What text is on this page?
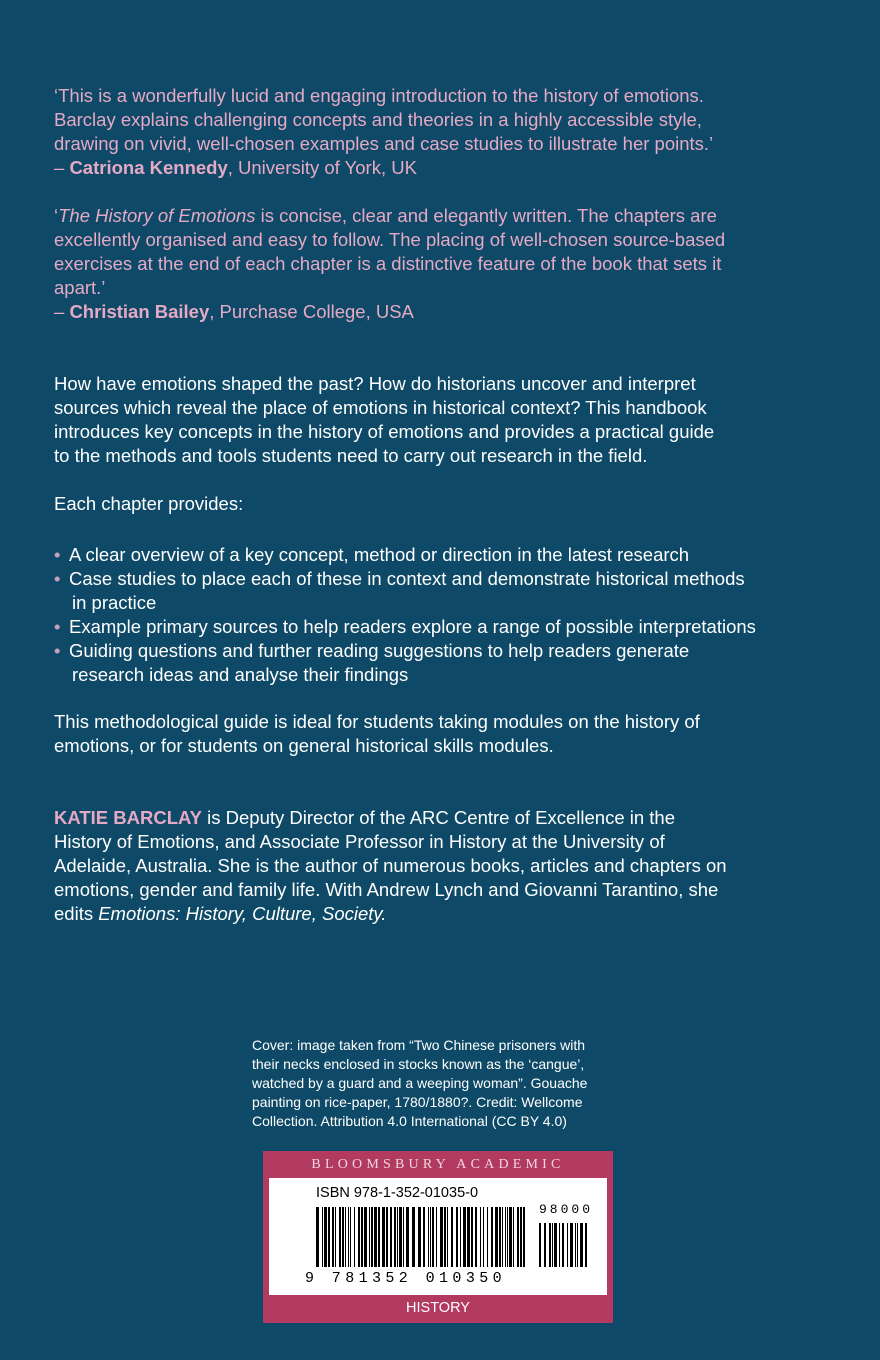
‘This is a wonderfully lucid and engaging introduction to the history of emotions.
Barclay explains challenging concepts and theories in a highly accessible style,
drawing on vivid, well-chosen examples and case studies to illustrate her points.’
– Catriona Kennedy, University of York, UK
‘The History of Emotions is concise, clear and elegantly written. The chapters are
excellently organised and easy to follow. The placing of well-chosen source-based
exercises at the end of each chapter is a distinctive feature of the book that sets it
apart.’
– Christian Bailey, Purchase College, USA
How have emotions shaped the past? How do historians uncover and interpret
sources which reveal the place of emotions in historical context? This handbook
introduces key concepts in the history of emotions and provides a practical guide
to the methods and tools students need to carry out research in the field.
Each chapter provides:
• A clear overview of a key concept, method or direction in the latest research
• Case studies to place each of these in context and demonstrate historical methods
in practice
• Example primary sources to help readers explore a range of possible interpretations
• Guiding questions and further reading suggestions to help readers generate
research ideas and analyse their findings
This methodological guide is ideal for students taking modules on the history of
emotions, or for students on general historical skills modules.
KATIE BARCLAY is Deputy Director of the ARC Centre of Excellence in the
History of Emotions, and Associate Professor in History at the University of
Adelaide, Australia. She is the author of numerous books, articles and chapters on
emotions, gender and family life. With Andrew Lynch and Giovanni Tarantino, she
edits Emotions: History, Culture, Society.
Cover: image taken from “Two Chinese prisoners with
their necks enclosed in stocks known as the ‘cangue’,
watched by a guard and a weeping woman”. Gouache
painting on rice-paper, 1780/1880?. Credit: Wellcome
Collection. Attribution 4.0 International (CC BY 4.0)
BLOOMSBURY ACADEMIC
ISBN 978-1-352-01035-0
98000
9 781352 010350
HISTORY
